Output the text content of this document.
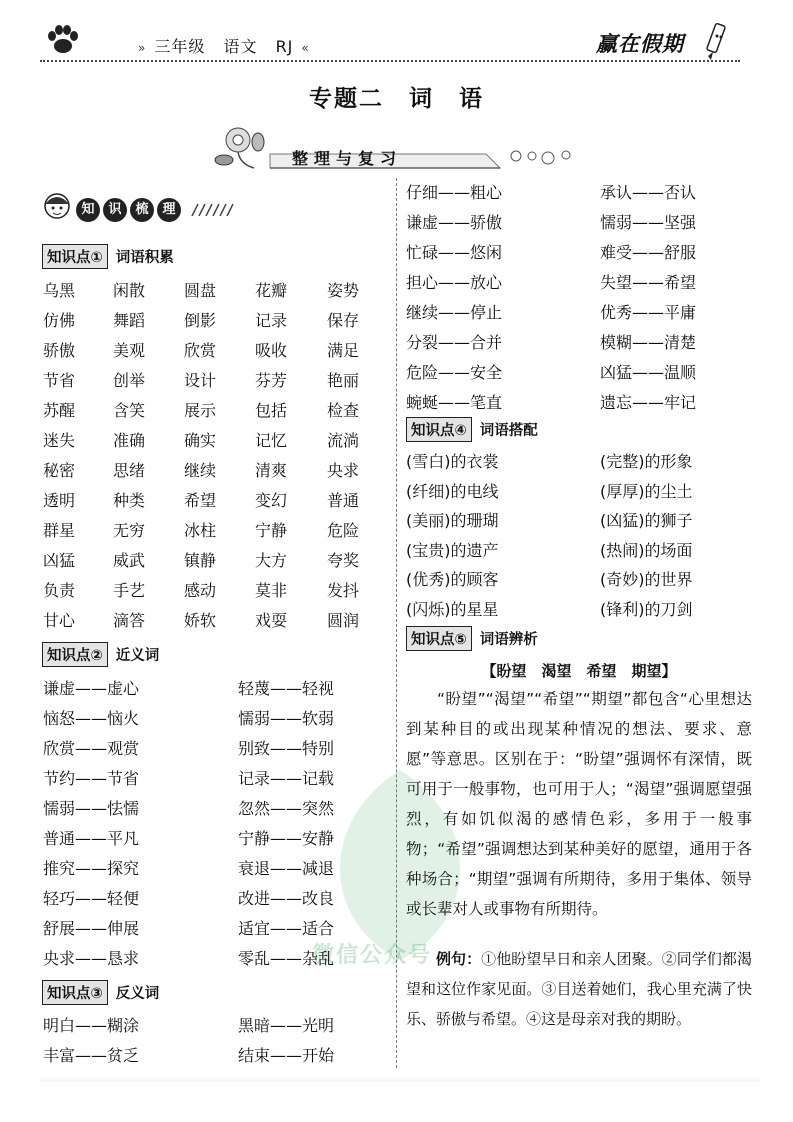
» 三年级 语文 RJ «	赢在假期
专题二　词　语
整理与复习
微信公众号
知	识	梳	理
知识点① 词语积累
乌黑 闲散 圆盘 花瓣 姿势
仿佛 舞蹈 倒影 记录 保存
骄傲 美观 欣赏 吸收 满足
节省 创举 设计 芬芳 艳丽
苏醒 含笑 展示 包括 检查
迷失 准确 确实 记忆 流淌
秘密 思绪 继续 清爽 央求
透明 种类 希望 变幻 普通
群星 无穷 冰柱 宁静 危险
凶猛 威武 镇静 大方 夸奖
负责 手艺 感动 莫非 发抖
甘心 滴答 娇软 戏耍 圆润
知识点② 近义词
谦虚——虚心	轻蔑——轻视
恼怒——恼火	懦弱——软弱
欣赏——观赏	别致——特别
节约——节省	记录——记载
懦弱——怯懦	忽然——突然
普通——平凡	宁静——安静
推究——探究	衰退——减退
轻巧——轻便	改进——改良
舒展——伸展	适宜——适合
央求——恳求	零乱——杂乱
知识点③ 反义词
明白——糊涂	黑暗——光明
丰富——贫乏	结束——开始
仔细——粗心	承认——否认
谦虚——骄傲	懦弱——坚强
忙碌——悠闲	难受——舒服
担心——放心	失望——希望
继续——停止	优秀——平庸
分裂——合并	模糊——清楚
危险——安全	凶猛——温顺
蜿蜒——笔直	遗忘——牢记
知识点④ 词语搭配
(雪白)的衣裳	(完整)的形象
(纤细)的电线	(厚厚)的尘土
(美丽)的珊瑚	(凶猛)的狮子
(宝贵)的遗产	(热闹)的场面
(优秀)的顾客	(奇妙)的世界
(闪烁)的星星	(锋利)的刀剑
知识点⑤ 词语辨析
【盼望　渴望　希望　期望】
“盼望”“渴望”“希望”“期望”都包含“心里想达到某种目的或出现某种情况的想法、要求、意愿”等意思。区别在于：“盼望”强调怀有深情，既可用于一般事物，也可用于人；“渴望”强调愿望强烈，有如饥似渴的感情色彩，多用于一般事物；“希望”强调想达到某种美好的愿望，通用于各种场合；“期望”强调有所期待，多用于集体、领导或长辈对人或事物有所期待。
例句：①他盼望早日和亲人团聚。②同学们都渴望和这位作家见面。③目送着她们，我心里充满了快乐、骄傲与希望。④这是母亲对我的期盼。
